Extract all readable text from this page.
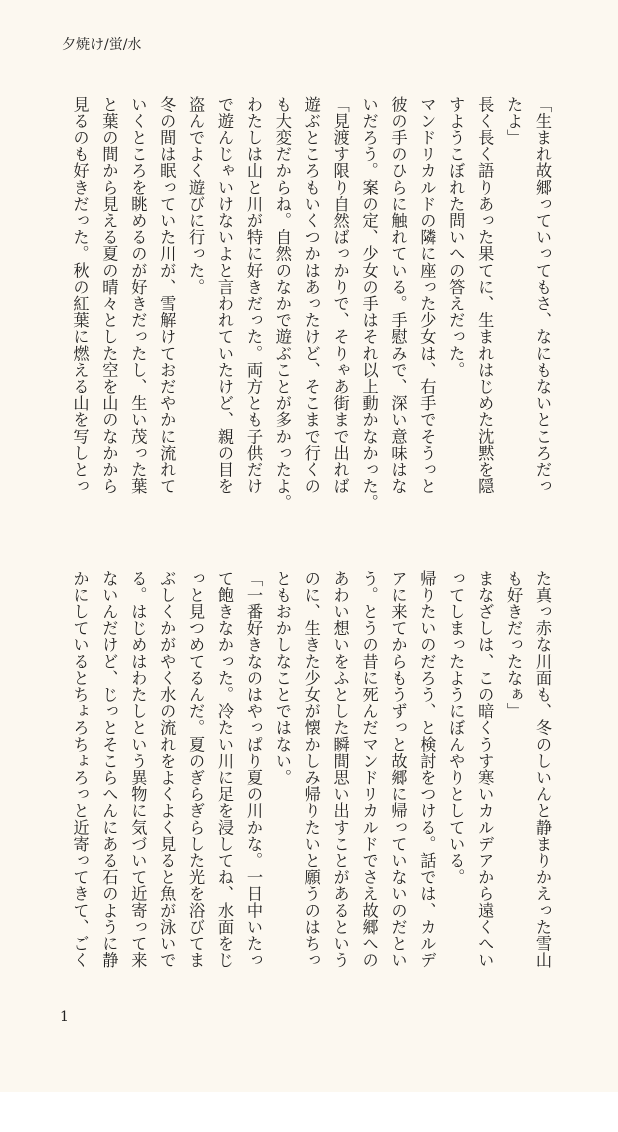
夕焼け/蛍/水
「生まれ故郷っていってもさ、なにもないところだっ
たよ」
長く長く語りあった果てに、生まれはじめた沈黙を隠
すようこぼれた問いへの答えだった。
マンドリカルドの隣に座った少女は、右手でそうっと
彼の手のひらに触れている。手慰みで、深い意味はな
いだろう。案の定、少女の手はそれ以上動かなかった。
「見渡す限り自然ばっかりで、そりゃあ街まで出れば
遊ぶところもいくつかはあったけど、そこまで行くの
も大変だからね。自然のなかで遊ぶことが多かったよ。
わたしは山と川が特に好きだった。両方とも子供だけ
で遊んじゃいけないよと言われていたけど、親の目を
盗んでよく遊びに行った。
冬の間は眠っていた川が、雪解けておだやかに流れて
いくところを眺めるのが好きだったし、生い茂った葉
と葉の間から見える夏の晴々とした空を山のなかから
見るのも好きだった。秋の紅葉に燃える山を写しとっ
た真っ赤な川面も、冬のしいんと静まりかえった雪山
も好きだったなぁ」
まなざしは、この暗くうす寒いカルデアから遠くへい
ってしまったようにぼんやりとしている。
帰りたいのだろう、と検討をつける。話では、カルデ
アに来てからもうずっと故郷に帰っていないのだとい
う。とうの昔に死んだマンドリカルドでさえ故郷への
あわい想いをふとした瞬間思い出すことがあるという
のに、生きた少女が懐かしみ帰りたいと願うのはちっ
ともおかしなことではない。
「一番好きなのはやっぱり夏の川かな。一日中いたっ
て飽きなかった。冷たい川に足を浸してね、水面をじ
っと見つめてるんだ。夏のぎらぎらした光を浴びてま
ぶしくかがやく水の流れをよくよく見ると魚が泳いで
る。はじめはわたしという異物に気づいて近寄って来
ないんだけど、じっとそこらへんにある石のように静
かにしているとちょろちょろっと近寄ってきて、ごく
1
